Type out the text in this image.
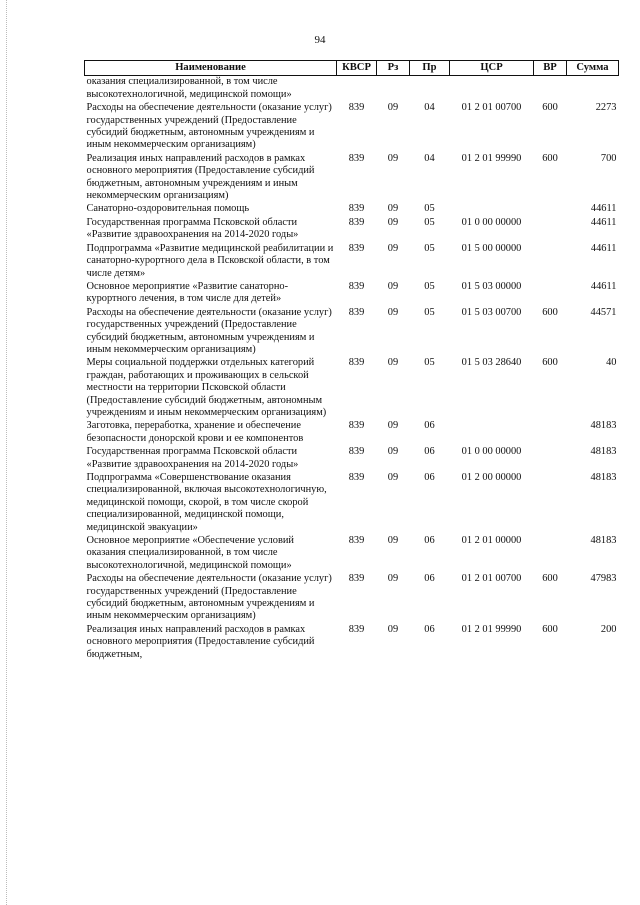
94
Наименование	КВСР	Рз	Пр	ЦСР	ВР	Сумма
оказания специализированной, в том числе высокотехнологичной, медицинской помощи»						
Расходы на обеспечение деятельности (оказание услуг) государственных учреждений (Предоставление субсидий бюджетным, автономным учреждениям и иным некоммерческим организациям)	839	09	04	01 2 01 00700	600	2273
Реализация иных направлений расходов в рамках основного мероприятия (Предоставление субсидий бюджетным, автономным учреждениям и иным некоммерческим организациям)	839	09	04	01 2 01 99990	600	700
Санаторно-оздоровительная помощь	839	09	05			44611
Государственная программа Псковской области «Развитие здравоохранения на 2014-2020 годы»	839	09	05	01 0 00 00000		44611
Подпрограмма «Развитие медицинской реабилитации и санаторно-курортного дела в Псковской области, в том числе детям»	839	09	05	01 5 00 00000		44611
Основное мероприятие «Развитие санаторно- курортного лечения, в том числе для детей»	839	09	05	01 5 03 00000		44611
Расходы на обеспечение деятельности (оказание услуг) государственных учреждений (Предоставление субсидий бюджетным, автономным учреждениям и иным некоммерческим организациям)	839	09	05	01 5 03 00700	600	44571
Меры социальной поддержки отдельных категорий граждан, работающих и проживающих в сельской местности на территории Псковской области (Предоставление субсидий бюджетным, автономным учреждениям и иным некоммерческим организациям)	839	09	05	01 5 03 28640	600	40
Заготовка, переработка, хранение и обеспечение безопасности донорской крови и ее компонентов	839	09	06			48183
Государственная программа Псковской области «Развитие здравоохранения на 2014-2020 годы»	839	09	06	01 0 00 00000		48183
Подпрограмма «Совершенствование оказания специализированной, включая высокотехнологичную, медицинской помощи, скорой, в том числе скорой специализированной, медицинской помощи, медицинской эвакуации»	839	09	06	01 2 00 00000		48183
Основное мероприятие «Обеспечение условий оказания специализированной, в том числе высокотехнологичной, медицинской помощи»	839	09	06	01 2 01 00000		48183
Расходы на обеспечение деятельности (оказание услуг) государственных учреждений (Предоставление субсидий бюджетным, автономным учреждениям и иным некоммерческим организациям)	839	09	06	01 2 01 00700	600	47983
Реализация иных направлений расходов в рамках основного мероприятия (Предоставление субсидий бюджетным,	839	09	06	01 2 01 99990	600	200
